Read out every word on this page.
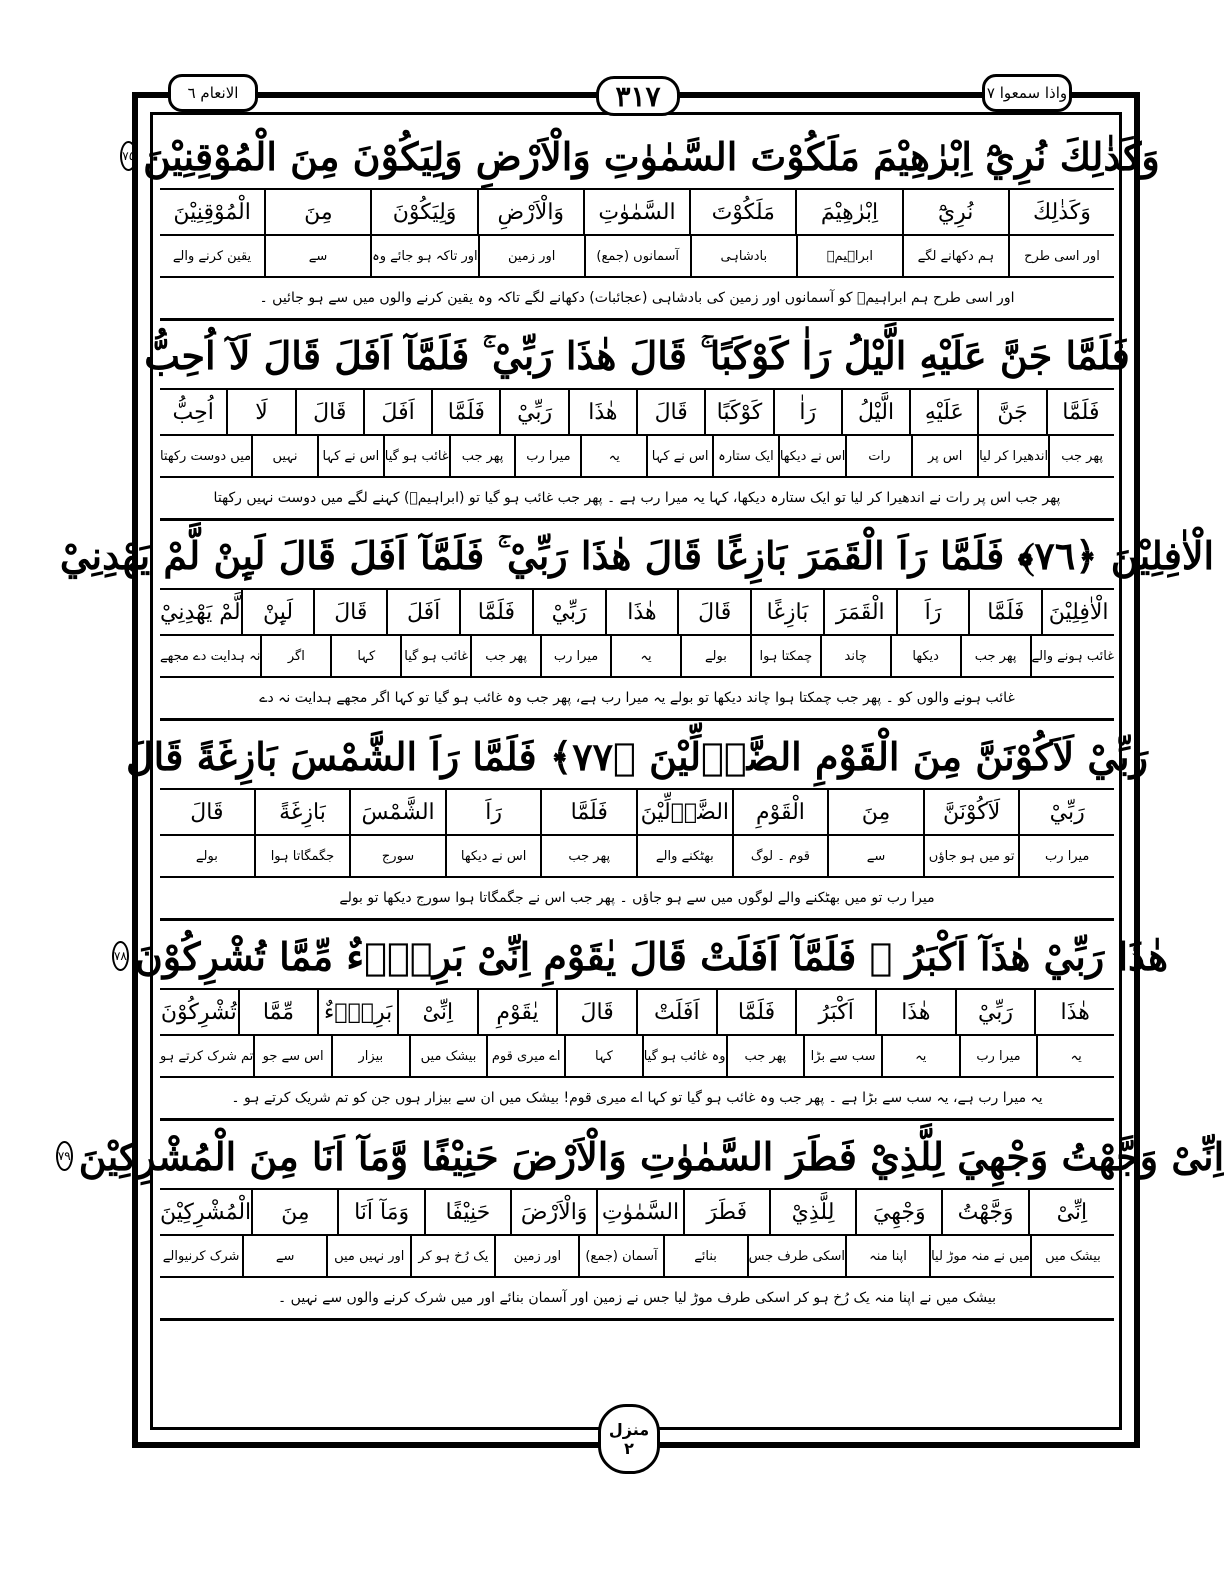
الانعام ٦	٣١٧	واذا سمعوا ٧
وَكَذٰلِكَ نُرِيْٓ اِبْرٰهِيْمَ مَلَكُوْتَ السَّمٰوٰتِ وَالْاَرْضِ وَلِيَكُوْنَ مِنَ الْمُوْقِنِيْنَ
٧٥
وَكَذٰلِكَ
نُرِيْٓ
اِبْرٰهِيْمَ
مَلَكُوْتَ
السَّمٰوٰتِ
وَالْاَرْضِ
وَلِيَكُوْنَ
مِنَ
الْمُوْقِنِيْنَ
اور اسی طرح
ہم دکھانے لگے
ابراہیمؑ
بادشاہی
آسمانوں (جمع)
اور زمین
اور تاکہ ہو جائے وہ
سے
یقین کرنے والے
اور اسی طرح ہم ابراہیمؑ کو آسمانوں اور زمین کی بادشاہی (عجائبات) دکھانے لگے تاکہ وہ یقین کرنے والوں میں سے ہو جائیں ۔
فَلَمَّا جَنَّ عَلَيْهِ الَّيْلُ رَاٰ كَوْكَبًا ۚ قَالَ هٰذَا رَبِّيْ ۚ فَلَمَّآ اَفَلَ قَالَ لَآ اُحِبُّ
فَلَمَّا
جَنَّ
عَلَيْهِ
الَّيْلُ
رَاٰ
كَوْكَبًا
قَالَ
هٰذَا
رَبِّيْ
فَلَمَّا
اَفَلَ
قَالَ
لَا
اُحِبُّ
پھر جب
اندھیرا کر لیا
اس پر
رات
اس نے دیکھا
ایک ستارہ
اس نے کہا
یہ
میرا رب
پھر جب
غائب ہو گیا
اس نے کہا
نہیں
میں دوست رکھتا
پھر جب اس پر رات نے اندھیرا کر لیا تو ایک ستارہ دیکھا، کہا یہ میرا رب ہے ۔ پھر جب غائب ہو گیا تو (ابراہیمؑ) کہنے لگے میں دوست نہیں رکھتا
الْاٰفِلِيْنَ ﴿٧٦﴾ فَلَمَّا رَاَ الْقَمَرَ بَازِغًا قَالَ هٰذَا رَبِّيْ ۚ فَلَمَّآ اَفَلَ قَالَ لَىِٕنْ لَّمْ يَهْدِنِيْ
الْاٰفِلِيْنَ
فَلَمَّا
رَاَ
الْقَمَرَ
بَازِغًا
قَالَ
هٰذَا
رَبِّيْ
فَلَمَّا
اَفَلَ
قَالَ
لَىِٕنْ
لَّمْ يَهْدِنِيْ
غائب ہونے والے
پھر جب
دیکھا
چاند
چمکتا ہوا
بولے
یہ
میرا رب
پھر جب
غائب ہو گیا
کہا
اگر
نہ ہدایت دے مجھے
غائب ہونے والوں کو ۔ پھر جب چمکتا ہوا چاند دیکھا تو بولے یہ میرا رب ہے، پھر جب وہ غائب ہو گیا تو کہا اگر مجھے ہدایت نہ دے
رَبِّيْ لَاَكُوْنَنَّ مِنَ الْقَوْمِ الضَّاۗلِّيْنَ ﴿٧٧﴾ فَلَمَّا رَاَ الشَّمْسَ بَازِغَةً قَالَ
رَبِّيْ
لَاَكُوْنَنَّ
مِنَ
الْقَوْمِ
الضَّاۗلِّيْنَ
فَلَمَّا
رَاَ
الشَّمْسَ
بَازِغَةً
قَالَ
میرا رب
تو میں ہو جاؤں
سے
قوم ۔ لوگ
بھٹکنے والے
پھر جب
اس نے دیکھا
سورج
جگمگاتا ہوا
بولے
میرا رب تو میں بھٹکنے والے لوگوں میں سے ہو جاؤں ۔ پھر جب اس نے جگمگاتا ہوا سورج دیکھا تو بولے
هٰذَا رَبِّيْ هٰذَآ اَكْبَرُ ۚ فَلَمَّآ اَفَلَتْ قَالَ يٰقَوْمِ اِنِّىْ بَرِيْۗءٌ مِّمَّا تُشْرِكُوْنَ
٧٨
هٰذَا
رَبِّيْ
هٰذَا
اَكْبَرُ
فَلَمَّا
اَفَلَتْ
قَالَ
يٰقَوْمِ
اِنِّىْ
بَرِيْۗءٌ
مِّمَّا
تُشْرِكُوْنَ
یہ
میرا رب
یہ
سب سے بڑا
پھر جب
وہ غائب ہو گیا
کہا
اے میری قوم
بیشک میں
بیزار
اس سے جو
تم شرک کرتے ہو
یہ میرا رب ہے، یہ سب سے بڑا ہے ۔ پھر جب وہ غائب ہو گیا تو کہا اے میری قوم! بیشک میں ان سے بیزار ہوں جن کو تم شریک کرتے ہو ۔
اِنِّىْ وَجَّهْتُ وَجْهِيَ لِلَّذِيْ فَطَرَ السَّمٰوٰتِ وَالْاَرْضَ حَنِيْفًا وَّمَآ اَنَا مِنَ الْمُشْرِكِيْنَ
٧٩
اِنِّىْ
وَجَّهْتُ
وَجْهِيَ
لِلَّذِيْ
فَطَرَ
السَّمٰوٰتِ
وَالْاَرْضَ
حَنِيْفًا
وَمَآ اَنَا
مِنَ
الْمُشْرِكِيْنَ
بیشک میں
میں نے منہ موڑ لیا
اپنا منہ
اسکی طرف جس
بنائے
آسمان (جمع)
اور زمین
یک رُخ ہو کر
اور نہیں میں
سے
شرک کرنیوالے
بیشک میں نے اپنا منہ یک رُخ ہو کر اسکی طرف موڑ لیا جس نے زمین اور آسمان بنائے اور میں شرک کرنے والوں سے نہیں ۔
منزل
٢
